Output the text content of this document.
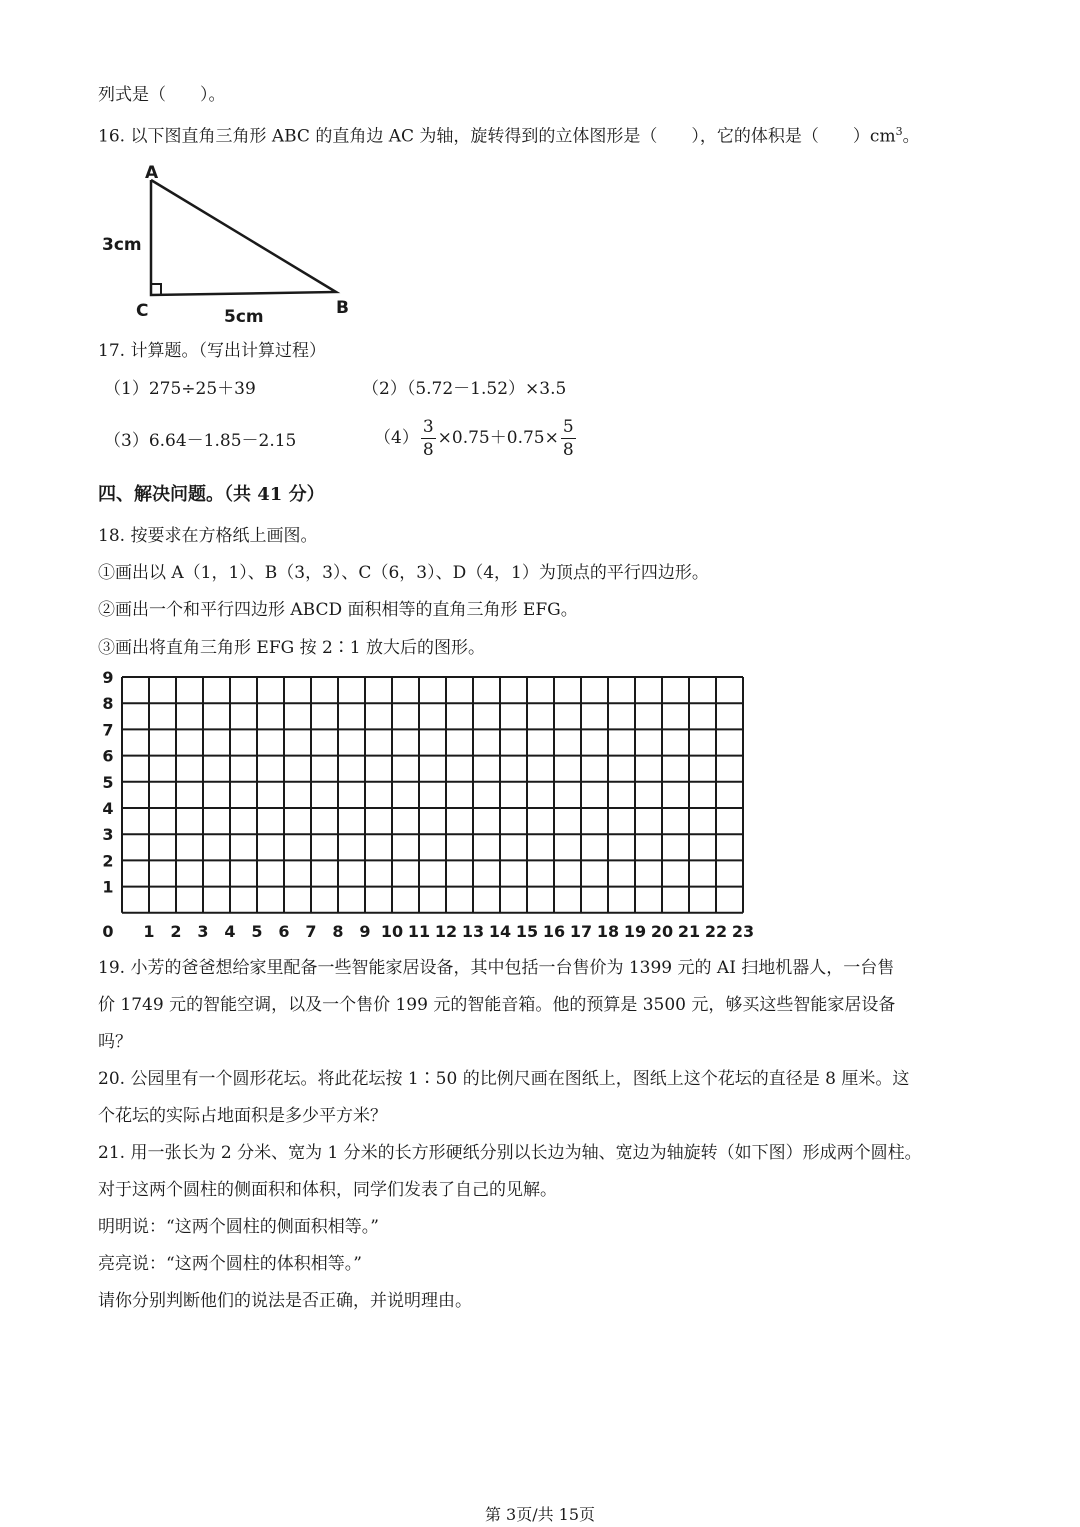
列式是（　　）。
16. 以下图直角三角形 ABC 的直角边 AC 为轴，旋转得到的立体图形是（　　），它的体积是（　　）$cm^3$。
A
3cm
C	5cm	B
17. 计算题。（写出计算过程）
（1）275÷25＋39	（2）（5.72－1.52）×3.5
（3）6.64－1.85－2.15	$(4) \frac{3}{8} \times 0.75+0.75\times \frac{5}{8}$
四、解决问题。（共 41 分）
18. 按要求在方格纸上画图。
①画出以 A（1，1）、B（3，3）、C（6，3）、D（4，1）为顶点的平行四边形。
②画出一个和平行四边形 ABCD 面积相等的直角三角形 EFG。
③画出将直角三角形 EFG 按 2∶1 放大后的图形。
0 1 2 3 4 5 6 7 8 9 10 11 12 13 14 15 16 17 18 19 20 21 22 23
1
2
3
4
5
6
7
8
9
19. 小芳的爸爸想给家里配备一些智能家居设备，其中包括一台售价为 1399 元的 AI 扫地机器人，一台售
价 1749 元的智能空调，以及一个售价 199 元的智能音箱。他的预算是 3500 元，够买这些智能家居设备
吗？
20. 公园里有一个圆形花坛。将此花坛按 1∶50 的比例尺画在图纸上，图纸上这个花坛的直径是 8 厘米。这
个花坛的实际占地面积是多少平方米？
21. 用一张长为 2 分米、宽为 1 分米的长方形硬纸分别以长边为轴、宽边为轴旋转（如下图）形成两个圆柱。
对于这两个圆柱的侧面积和体积，同学们发表了自己的见解。
明明说：“这两个圆柱的侧面积相等。”
亮亮说：“这两个圆柱的体积相等。”
请你分别判断他们的说法是否正确，并说明理由。
第 3页/共 15页
